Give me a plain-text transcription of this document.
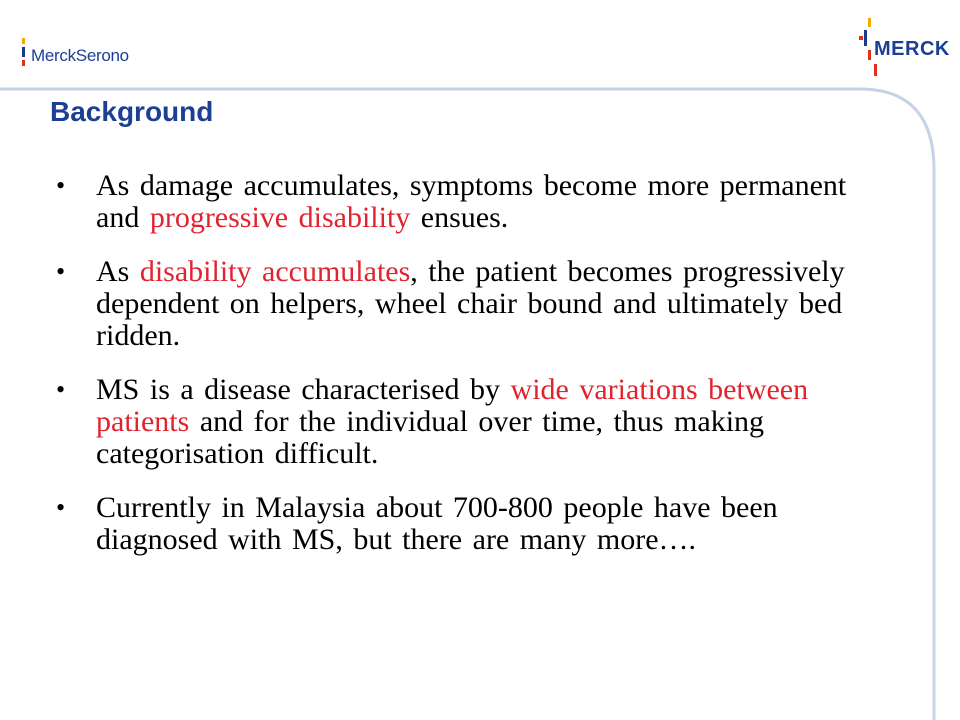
MerckSerono	MERCK
Background
• As damage accumulates, symptoms become more permanent and progressive disability ensues.
• As disability accumulates, the patient becomes progressively dependent on helpers, wheel chair bound and ultimately bed ridden.
• MS is a disease characterised by wide variations between patients and for the individual over time, thus making categorisation difficult.
• Currently in Malaysia about 700-800 people have been diagnosed with MS, but there are many more….
